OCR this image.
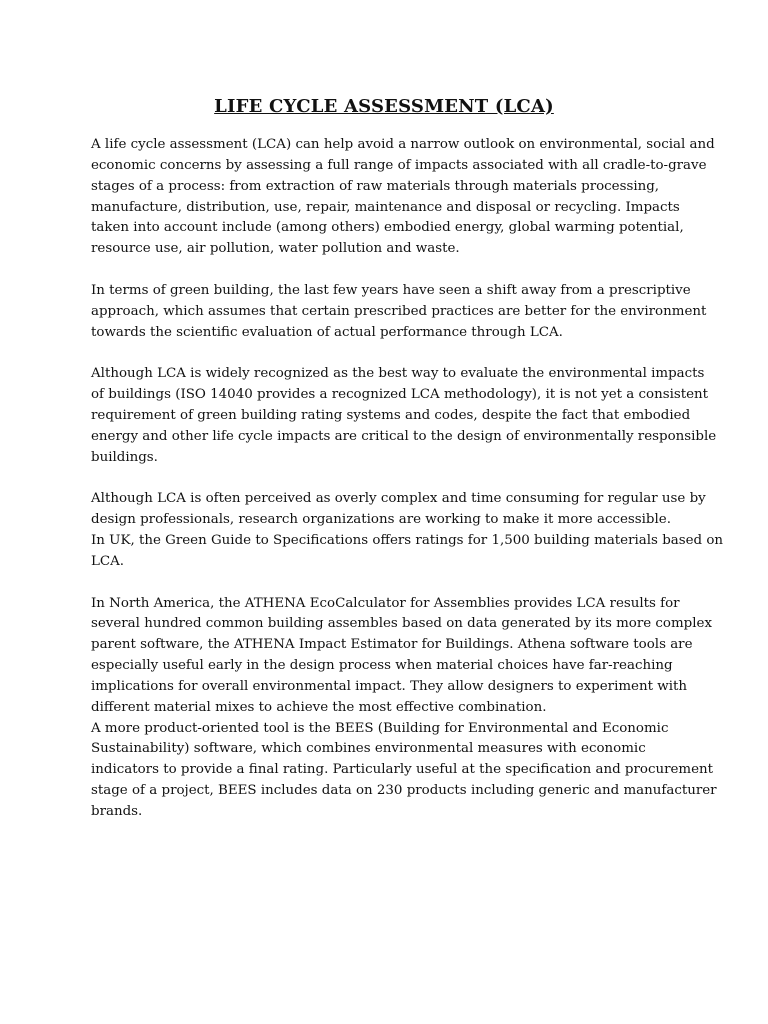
LIFE CYCLE ASSESSMENT (LCA)

A life cycle assessment (LCA) can help avoid a narrow outlook on environmental, social and
economic concerns by assessing a full range of impacts associated with all cradle-to-grave
stages of a process: from extraction of raw materials through materials processing,
manufacture, distribution, use, repair, maintenance and disposal or recycling. Impacts
taken into account include (among others) embodied energy, global warming potential,
resource use, air pollution, water pollution and waste.

In terms of green building, the last few years have seen a shift away from a prescriptive
approach, which assumes that certain prescribed practices are better for the environment
towards the scientific evaluation of actual performance through LCA.

Although LCA is widely recognized as the best way to evaluate the environmental impacts
of buildings (ISO 14040 provides a recognized LCA methodology), it is not yet a consistent
requirement of green building rating systems and codes, despite the fact that embodied
energy and other life cycle impacts are critical to the design of environmentally responsible
buildings.

Although LCA is often perceived as overly complex and time consuming for regular use by
design professionals, research organizations are working to make it more accessible.

In UK, the Green Guide to Specifications offers ratings for 1,500 building materials based on
LCA.

In North America, the ATHENA EcoCalculator for Assemblies provides LCA results for
several hundred common building assembles based on data generated by its more complex
parent software, the ATHENA Impact Estimator for Buildings. Athena software tools are
especially useful early in the design process when material choices have far-reaching
implications for overall environmental impact. They allow designers to experiment with
different material mixes to achieve the most effective combination.

A more product-oriented tool is the BEES (Building for Environmental and Economic
Sustainability) software, which combines environmental measures with economic
indicators to provide a final rating. Particularly useful at the specification and procurement
stage of a project, BEES includes data on 230 products including generic and manufacturer
brands.
